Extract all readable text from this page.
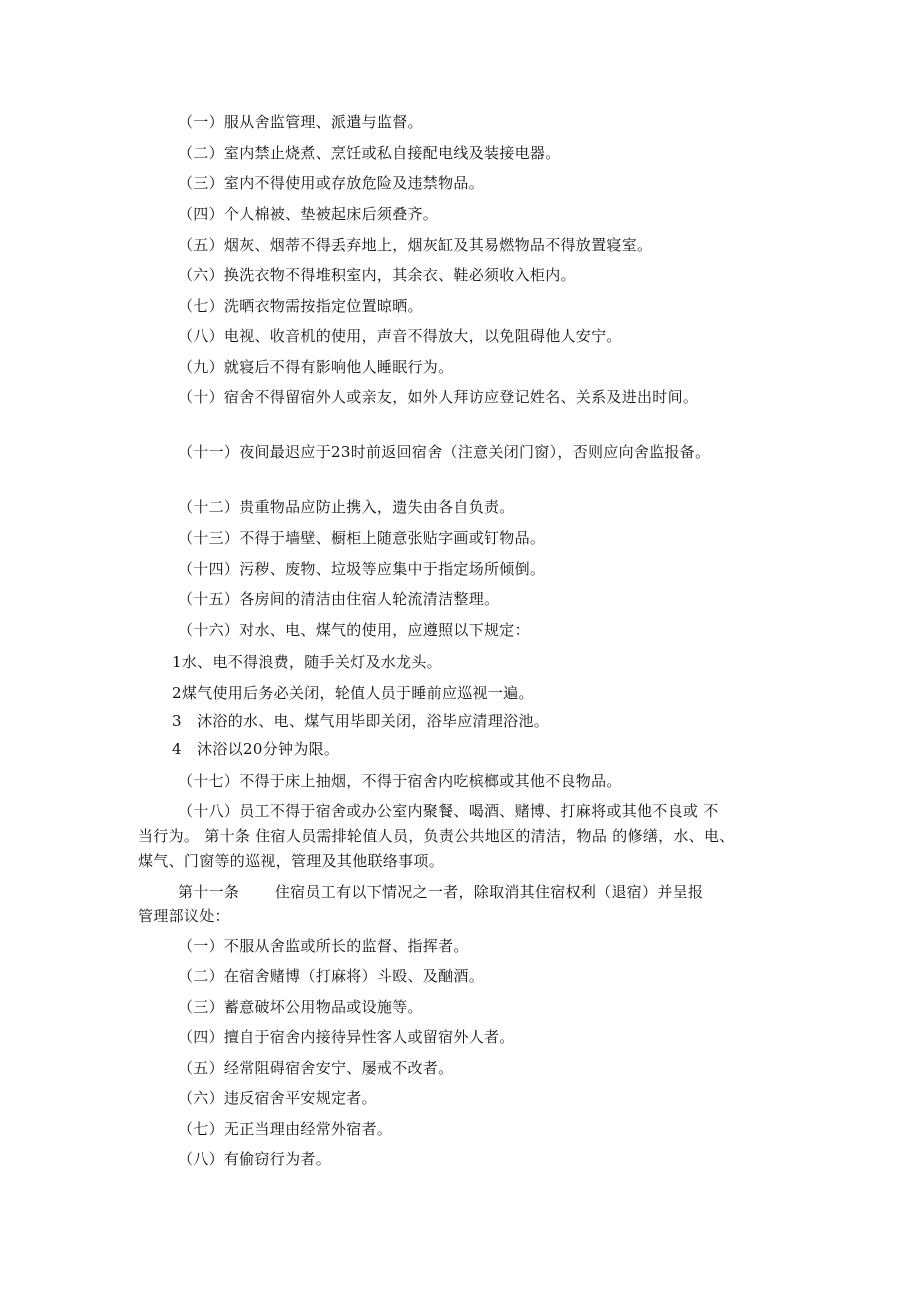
（一）服从舍监管理、派遣与监督。
（二）室内禁止烧煮、烹饪或私自接配电线及装接电器。
（三）室内不得使用或存放危险及违禁物品。
（四）个人棉被、垫被起床后须叠齐。
（五）烟灰、烟蒂不得丢弃地上，烟灰缸及其易燃物品不得放置寝室。
（六）换洗衣物不得堆积室内，其余衣、鞋必须收入柜内。
（七）洗晒衣物需按指定位置晾晒。
（八）电视、收音机的使用，声音不得放大，以免阻碍他人安宁。
（九）就寝后不得有影响他人睡眠行为。
（十）宿舍不得留宿外人或亲友，如外人拜访应登记姓名、关系及进出时间。
（十一）夜间最迟应于23时前返回宿舍（注意关闭门窗），否则应向舍监报备。
（十二）贵重物品应防止携入，遗失由各自负责。
（十三）不得于墙壁、橱柜上随意张贴字画或钉物品。
（十四）污秽、废物、垃圾等应集中于指定场所倾倒。
（十五）各房间的清洁由住宿人轮流清洁整理。
（十六）对水、电、煤气的使用，应遵照以下规定：
1水、电不得浪费，随手关灯及水龙头。
2煤气使用后务必关闭，轮值人员于睡前应巡视一遍。
3　沐浴的水、电、煤气用毕即关闭，浴毕应清理浴池。
4　沐浴以20分钟为限。
（十七）不得于床上抽烟，不得于宿舍内吃槟榔或其他不良物品。
（十八）员工不得于宿舍或办公室内聚餐、喝酒、赌博、打麻将或其他不良或 不
当行为。 第十条 住宿人员需排轮值人员，负责公共地区的清洁，物品 的修缮，水、电、
煤气、门窗等的巡视，管理及其他联络事项。
第十一条　　 住宿员工有以下情况之一者，除取消其住宿权利（退宿）并呈报
管理部议处：
（一）不服从舍监或所长的监督、指挥者。
（二）在宿舍赌博（打麻将）斗殴、及酗酒。
（三）蓄意破坏公用物品或设施等。
（四）擅自于宿舍内接待异性客人或留宿外人者。
（五）经常阻碍宿舍安宁、屡戒不改者。
（六）违反宿舍平安规定者。
（七）无正当理由经常外宿者。
（八）有偷窃行为者。
